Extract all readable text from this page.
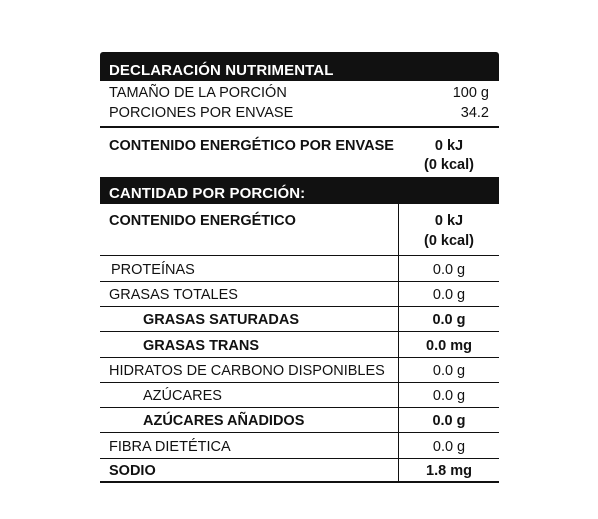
DECLARACIÓN NUTRIMENTAL
TAMAÑO DE LA PORCIÓN	100 g
PORCIONES POR ENVASE	34.2
CONTENIDO ENERGÉTICO POR ENVASE	0 kJ
(0 kcal)
CANTIDAD POR PORCIÓN:
CONTENIDO ENERGÉTICO	0 kJ
(0 kcal)
PROTEÍNAS	0.0 g
GRASAS TOTALES	0.0 g
GRASAS SATURADAS	0.0 g
GRASAS TRANS	0.0 mg
HIDRATOS DE CARBONO DISPONIBLES	0.0 g
AZÚCARES	0.0 g
AZÚCARES AÑADIDOS	0.0 g
FIBRA DIETÉTICA	0.0 g
SODIO	1.8 mg
